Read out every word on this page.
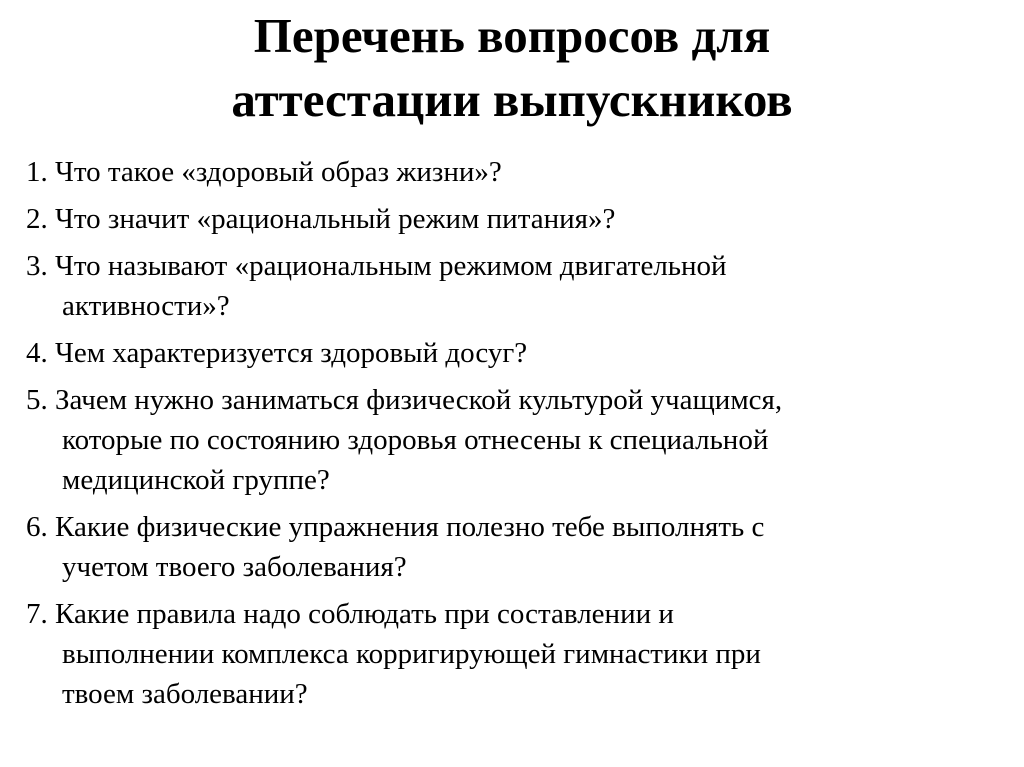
Перечень вопросов для
аттестации выпускников
1. Что такое «здоровый образ жизни»?
2. Что значит «рациональный режим питания»?
3. Что называют «рациональным режимом двигательной
активности»?
4. Чем характеризуется здоровый досуг?
5. Зачем нужно заниматься физической культурой учащимся,
которые по состоянию здоровья отнесены к специальной
медицинской группе?
6. Какие физические упражнения полезно тебе выполнять с
учетом твоего заболевания?
7. Какие правила надо соблюдать при составлении и
выполнении комплекса корригирующей гимнастики при
твоем заболевании?
